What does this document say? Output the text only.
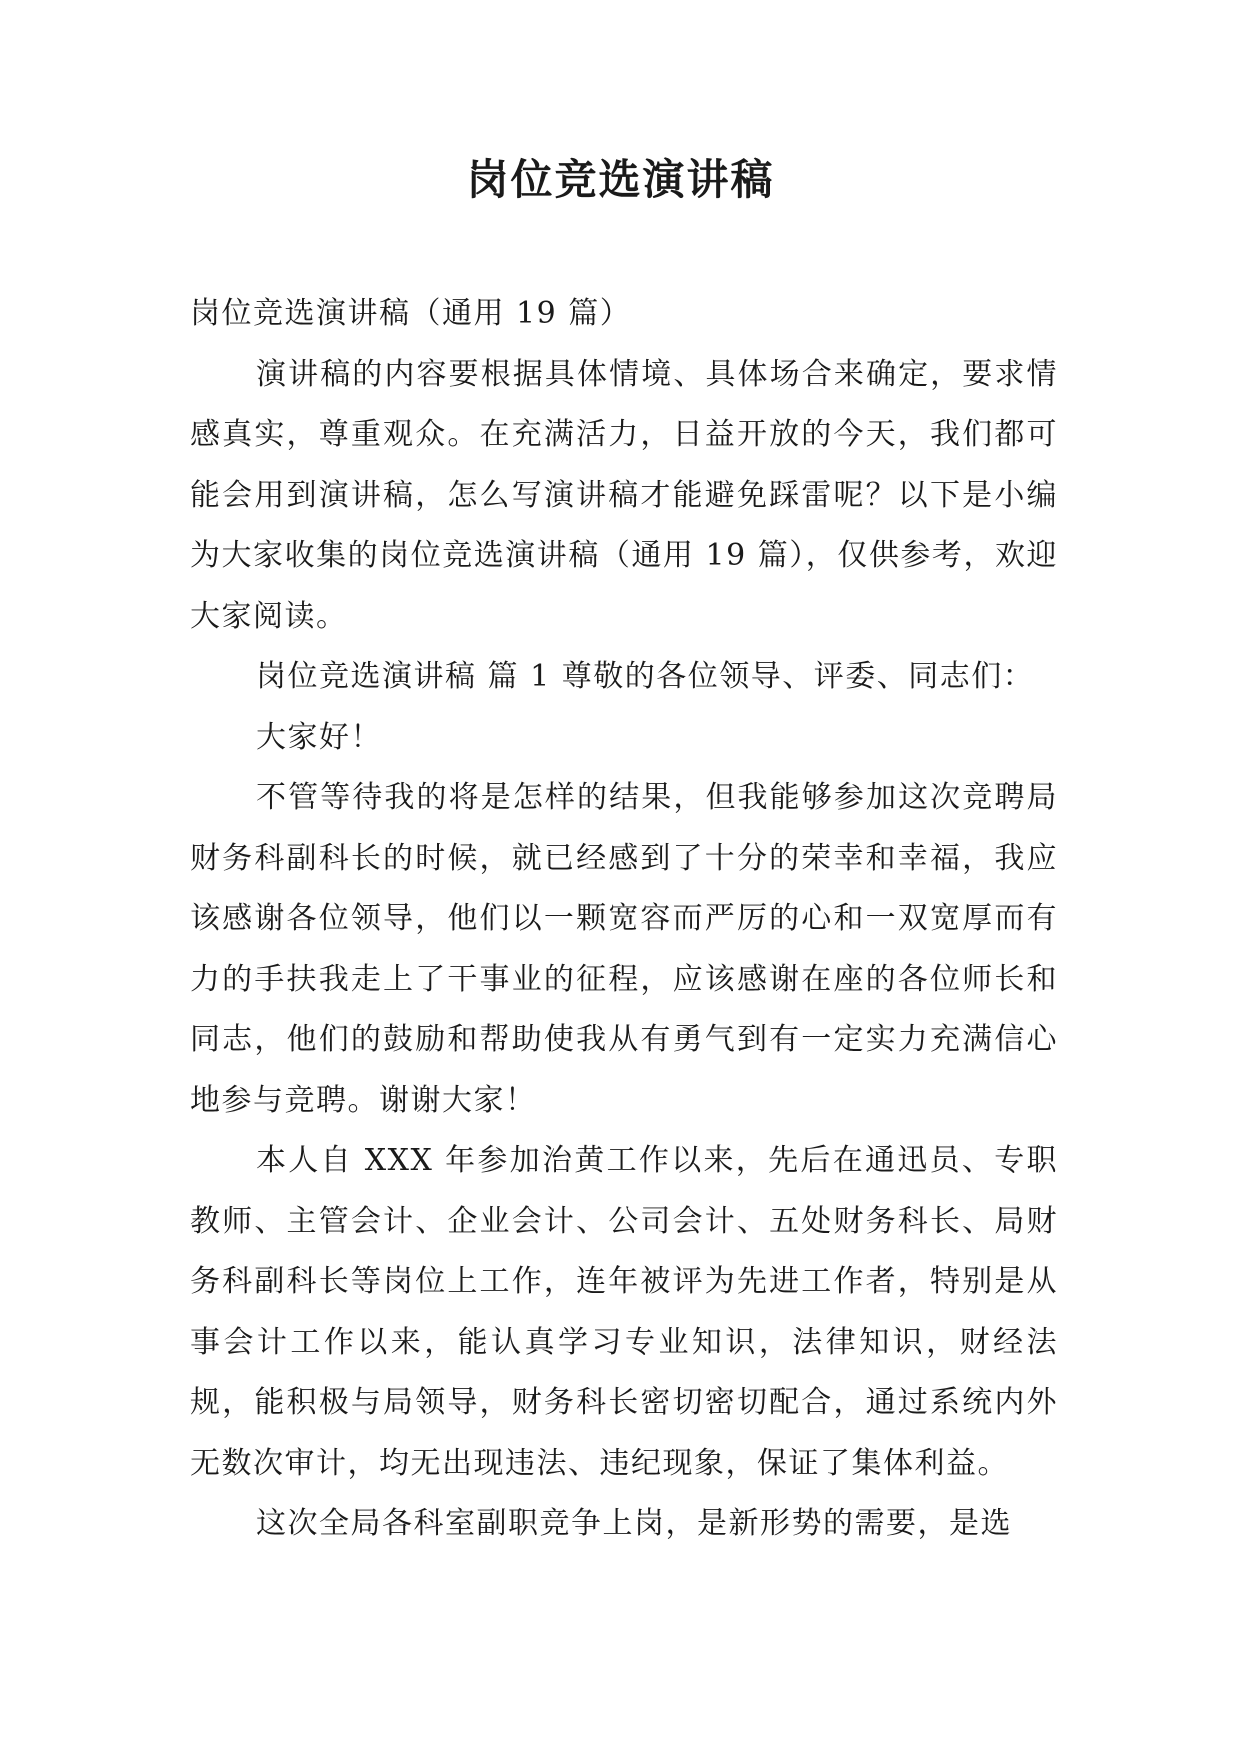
岗位竞选演讲稿

岗位竞选演讲稿（通用 19 篇）

演讲稿的内容要根据具体情境、具体场合来确定，要求情感真实，尊重观众。在充满活力，日益开放的今天，我们都可能会用到演讲稿，怎么写演讲稿才能避免踩雷呢？以下是小编为大家收集的岗位竞选演讲稿（通用 19 篇），仅供参考，欢迎大家阅读。

岗位竞选演讲稿 篇 1 尊敬的各位领导、评委、同志们：

大家好！

不管等待我的将是怎样的结果，但我能够参加这次竞聘局财务科副科长的时候，就已经感到了十分的荣幸和幸福，我应该感谢各位领导，他们以一颗宽容而严厉的心和一双宽厚而有力的手扶我走上了干事业的征程，应该感谢在座的各位师长和同志，他们的鼓励和帮助使我从有勇气到有一定实力充满信心地参与竞聘。谢谢大家！

本人自 XXX 年参加治黄工作以来，先后在通迅员、专职教师、主管会计、企业会计、公司会计、五处财务科长、局财务科副科长等岗位上工作，连年被评为先进工作者，特别是从事会计工作以来，能认真学习专业知识，法律知识，财经法规，能积极与局领导，财务科长密切密切配合，通过系统内外无数次审计，均无出现违法、违纪现象，保证了集体利益。

这次全局各科室副职竞争上岗，是新形势的需要，是选
